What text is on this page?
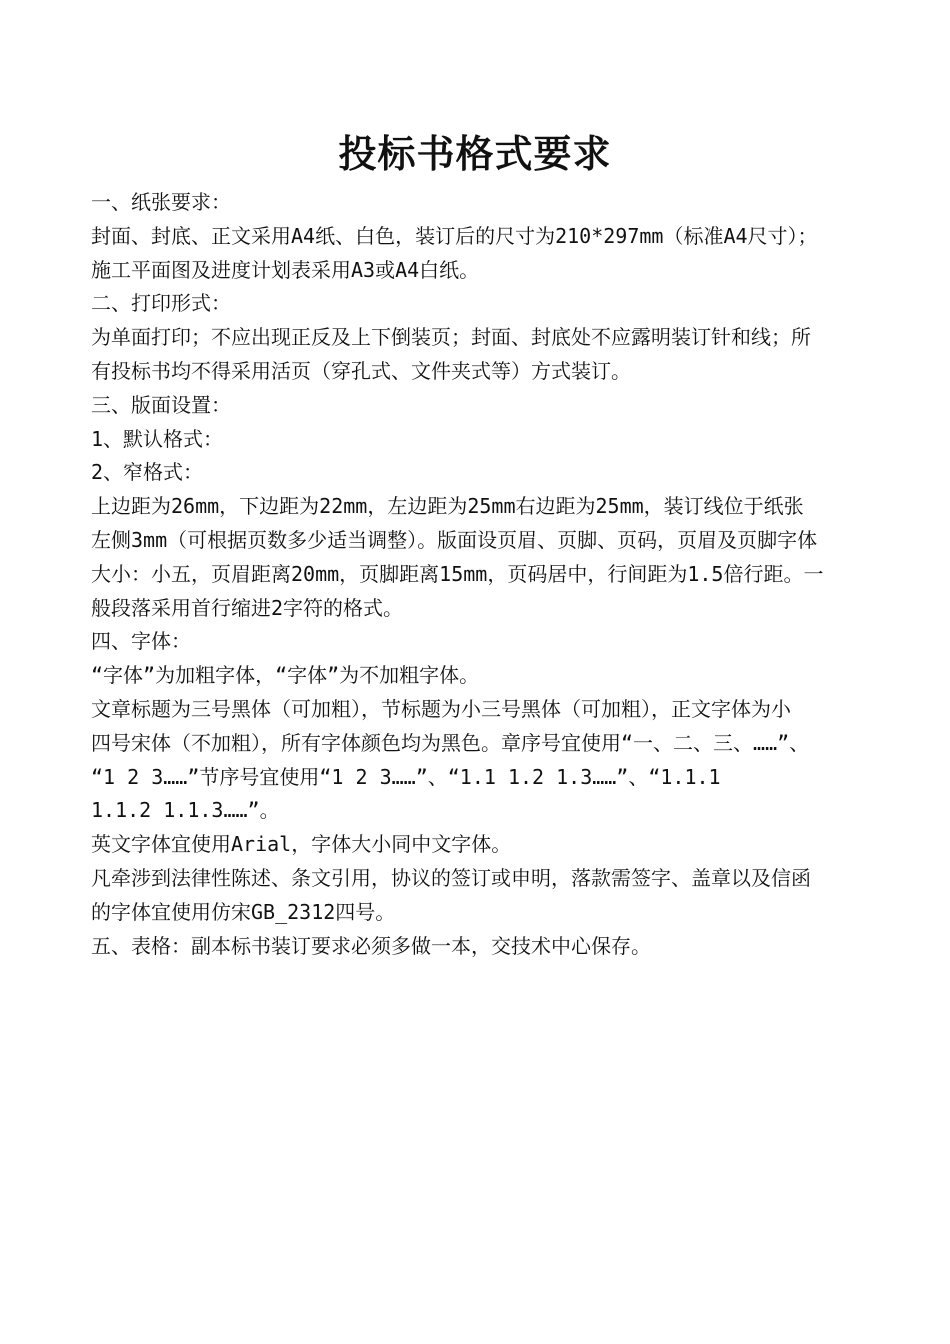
投标书格式要求
一、纸张要求：
封面、封底、正文采用A4纸、白色，装订后的尺寸为210*297mm（标准A4尺寸）；
施工平面图及进度计划表采用A3或A4白纸。
二、打印形式：
为单面打印；不应出现正反及上下倒装页；封面、封底处不应露明装订针和线；所
有投标书均不得采用活页（穿孔式、文件夹式等）方式装订。
三、版面设置：
1、默认格式：
2、窄格式：
上边距为26mm，下边距为22mm，左边距为25mm右边距为25mm，装订线位于纸张
左侧3mm（可根据页数多少适当调整）。版面设页眉、页脚、页码，页眉及页脚字体
大小：小五，页眉距离20mm，页脚距离15mm，页码居中，行间距为1.5倍行距。一
般段落采用首行缩进2字符的格式。
四、字体：
“字体”为加粗字体，“字体”为不加粗字体。
文章标题为三号黑体（可加粗），节标题为小三号黑体（可加粗），正文字体为小
四号宋体（不加粗），所有字体颜色均为黑色。章序号宜使用“一、二、三、……”、
“1 2 3……”节序号宜使用“1 2 3……”、“1.1 1.2 1.3……”、“1.1.1
1.1.2 1.1.3……”。
英文字体宜使用Arial，字体大小同中文字体。
凡牵涉到法律性陈述、条文引用，协议的签订或申明，落款需签字、盖章以及信函
的字体宜使用仿宋GB_2312四号。
五、表格：副本标书装订要求必须多做一本，交技术中心保存。
